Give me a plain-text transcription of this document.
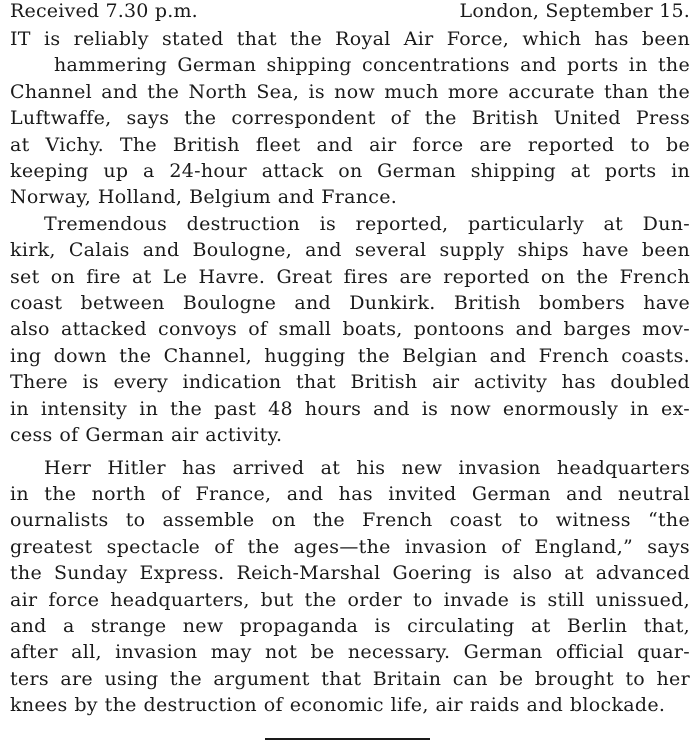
Received 7.30 p.m.	London, September 15.

IT is reliably stated that the Royal Air Force, which has been
hammering German shipping concentrations and ports in the
Channel and the North Sea, is now much more accurate than the
Luftwaffe, says the correspondent of the British United Press
at Vichy. The British fleet and air force are reported to be
keeping up a 24-hour attack on German shipping at ports in
Norway, Holland, Belgium and France.

Tremendous destruction is reported, particularly at Dun-
kirk, Calais and Boulogne, and several supply ships have been
set on fire at Le Havre. Great fires are reported on the French
coast between Boulogne and Dunkirk. British bombers have
also attacked convoys of small boats, pontoons and barges mov-
ing down the Channel, hugging the Belgian and French coasts.
There is every indication that British air activity has doubled
in intensity in the past 48 hours and is now enormously in ex-
cess of German air activity.

Herr Hitler has arrived at his new invasion headquarters
in the north of France, and has invited German and neutral
ournalists to assemble on the French coast to witness “the
greatest spectacle of the ages—the invasion of England,” says
the Sunday Express. Reich-Marshal Goering is also at advanced
air force headquarters, but the order to invade is still unissued,
and a strange new propaganda is circulating at Berlin that,
after all, invasion may not be necessary. German official quar-
ters are using the argument that Britain can be brought to her
knees by the destruction of economic life, air raids and blockade.
